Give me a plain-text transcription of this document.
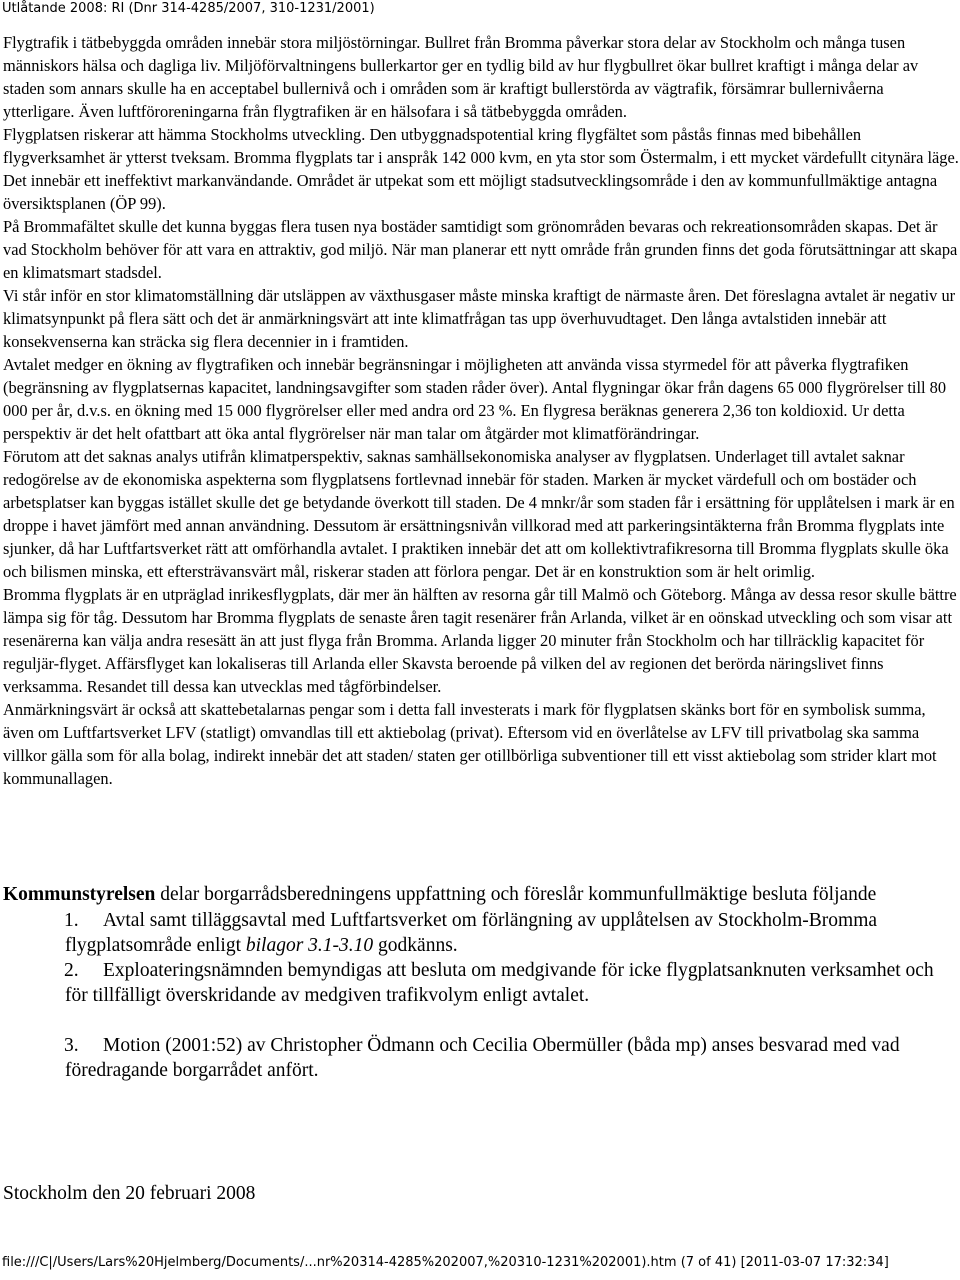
Utlåtande 2008: RI (Dnr 314-4285/2007, 310-1231/2001)

Flygtrafik i tätbebyggda områden innebär stora miljöstörningar. Bullret från Bromma påverkar stora delar av Stockholm och många tusen människors hälsa och dagliga liv. Miljöförvaltningens bullerkartor ger en tydlig bild av hur flygbullret ökar bullret kraftigt i många delar av staden som annars skulle ha en acceptabel bullernivå och i områden som är kraftigt bullerstörda av vägtrafik, försämrar bullernivåerna ytterligare. Även luftföroreningarna från flygtrafiken är en hälsofara i så tätbebyggda områden.

Flygplatsen riskerar att hämma Stockholms utveckling. Den utbyggnadspotential kring flygfältet som påstås finnas med bibehållen flygverksamhet är ytterst tveksam. Bromma flygplats tar i anspråk 142 000 kvm, en yta stor som Östermalm, i ett mycket värdefullt citynära läge. Det innebär ett ineffektivt markanvändande. Området är utpekat som ett möjligt stadsutvecklingsområde i den av kommunfullmäktige antagna översiktsplanen (ÖP 99).

På Brommafältet skulle det kunna byggas flera tusen nya bostäder samtidigt som grönområden bevaras och rekreationsområden skapas. Det är vad Stockholm behöver för att vara en attraktiv, god miljö. När man planerar ett nytt område från grunden finns det goda förutsättningar att skapa en klimatsmart stadsdel.

Vi står inför en stor klimatomställning där utsläppen av växthusgaser måste minska kraftigt de närmaste åren. Det föreslagna avtalet är negativ ur klimatsynpunkt på flera sätt och det är anmärkningsvärt att inte klimatfrågan tas upp överhuvudtaget. Den långa avtalstiden innebär att konsekvenserna kan sträcka sig flera decennier in i framtiden.

Avtalet medger en ökning av flygtrafiken och innebär begränsningar i möjligheten att använda vissa styrmedel för att påverka flygtrafiken (begränsning av flygplatsernas kapacitet, landningsavgifter som staden råder över). Antal flygningar ökar från dagens 65 000 flygrörelser till 80 000 per år, d.v.s. en ökning med 15 000 flygrörelser eller med andra ord 23 %. En flygresa beräknas generera 2,36 ton koldioxid. Ur detta perspektiv är det helt ofattbart att öka antal flygrörelser när man talar om åtgärder mot klimatförändringar.

Förutom att det saknas analys utifrån klimatperspektiv, saknas samhällsekonomiska analyser av flygplatsen. Underlaget till avtalet saknar redogörelse av de ekonomiska aspekterna som flygplatsens fortlevnad innebär för staden. Marken är mycket värdefull och om bostäder och arbetsplatser kan byggas istället skulle det ge betydande överkott till staden. De 4 mnkr/år som staden får i ersättning för upplåtelsen i mark är en droppe i havet jämfört med annan användning. Dessutom är ersättningsnivån villkorad med att parkeringsintäkterna från Bromma flygplats inte sjunker, då har Luftfartsverket rätt att omförhandla avtalet. I praktiken innebär det att om kollektivtrafikresorna till Bromma flygplats skulle öka och bilismen minska, ett eftersträvansvärt mål, riskerar staden att förlora pengar. Det är en konstruktion som är helt orimlig.

Bromma flygplats är en utpräglad inrikesflygplats, där mer än hälften av resorna går till Malmö och Göteborg. Många av dessa resor skulle bättre lämpa sig för tåg. Dessutom har Bromma flygplats de senaste åren tagit resenärer från Arlanda, vilket är en oönskad utveckling och som visar att resenärerna kan välja andra resesätt än att just flyga från Bromma. Arlanda ligger 20 minuter från Stockholm och har tillräcklig kapacitet för reguljär-flyget. Affärsflyget kan lokaliseras till Arlanda eller Skavsta beroende på vilken del av regionen det berörda näringslivet finns verksamma. Resandet till dessa kan utvecklas med tågförbindelser.

Anmärkningsvärt är också att skattebetalarnas pengar som i detta fall investerats i mark för flygplatsen skänks bort för en symbolisk summa, även om Luftfartsverket LFV (statligt) omvandlas till ett aktiebolag (privat). Eftersom vid en överlåtelse av LFV till privatbolag ska samma villkor gälla som för alla bolag, indirekt innebär det att staden/ staten ger otillbörliga subventioner till ett visst aktiebolag som strider klart mot kommunallagen.

Kommunstyrelsen delar borgarrådsberedningens uppfattning och föreslår kommunfullmäktige besluta följande

1.	Avtal samt tilläggsavtal med Luftfartsverket om förlängning av upplåtelsen av Stockholm-Bromma flygplatsområde enligt bilagor 3.1-3.10 godkänns.
2.	Exploateringsnämnden bemyndigas att besluta om medgivande för icke flygplatsanknuten verksamhet och för tillfälligt överskridande av medgiven trafikvolym enligt avtalet.
3.	Motion (2001:52) av Christopher Ödmann och Cecilia Obermüller (båda mp) anses besvarad med vad föredragande borgarrådet anfört.
Stockholm den 20 februari 2008
file:///C|/Users/Lars%20Hjelmberg/Documents/...nr%20314-4285%202007,%20310-1231%202001).htm (7 of 41) [2011-03-07 17:32:34]
